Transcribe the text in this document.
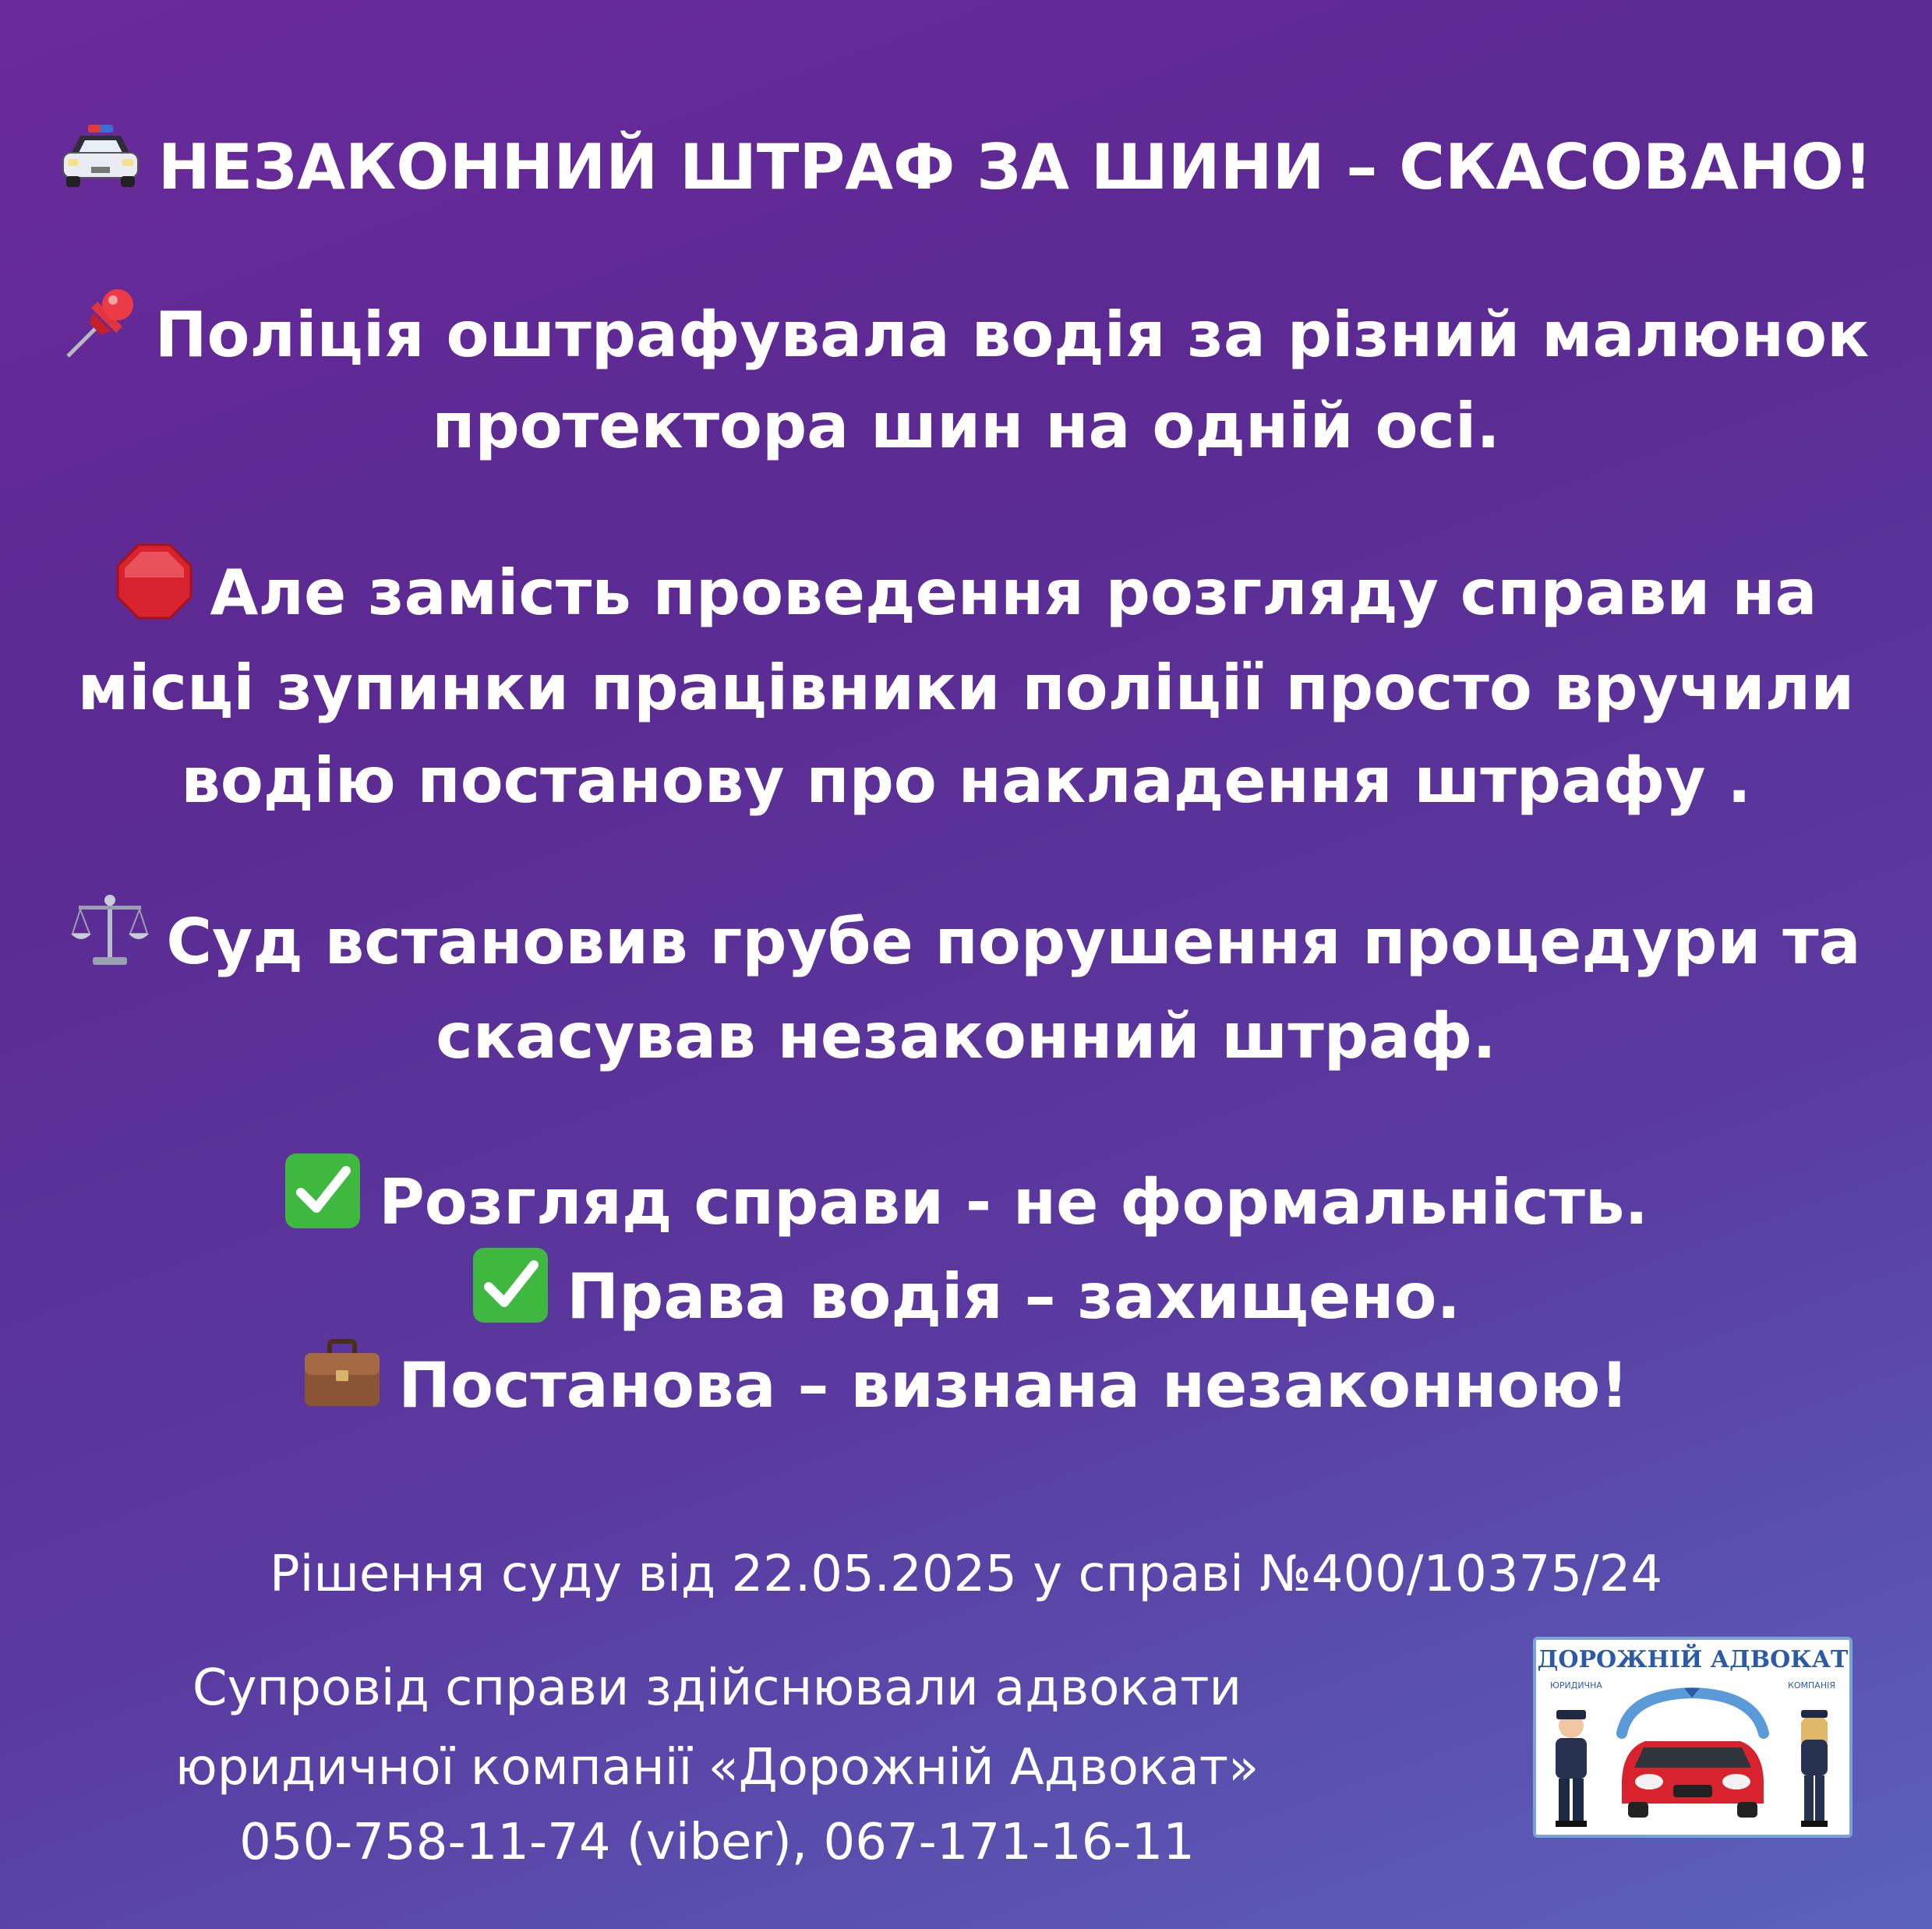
НЕЗАКОННИЙ ШТРАФ ЗА ШИНИ – СКАСОВАНО!
Поліція оштрафувала водія за різний малюнок
протектора шин на одній осі.
Але замість проведення розгляду справи на
місці зупинки працівники поліції просто вручили
водію постанову про накладення штрафу .
Суд встановив грубе порушення процедури та
скасував незаконний штраф.
Розгляд справи - не формальність.
Права водія – захищено.
Постанова – визнана незаконною!
Рішення суду від 22.05.2025 у справі №400/10375/24
Супровід справи здійснювали адвокати
юридичної компанії «Дорожній Адвокат»
050-758-11-74 (viber), 067-171-16-11
ДОРОЖНІЙ АДВОКАТ
ЮРИДИЧНА	КОМПАНІЯ
